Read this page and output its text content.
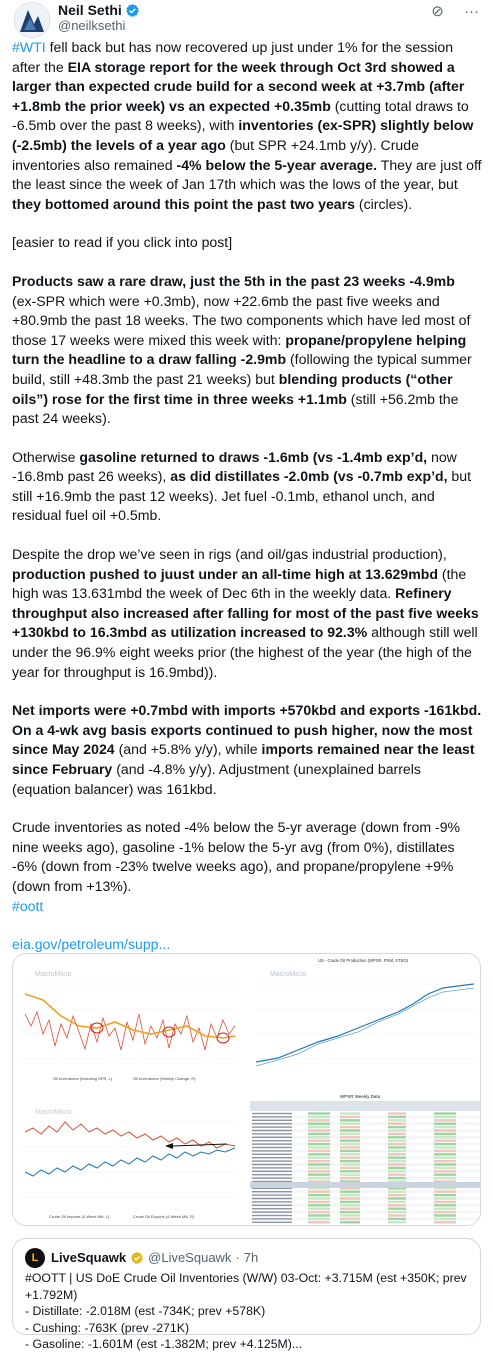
Neil Sethi
@neilksethi
⊘ ···
#WTI fell back but has now recovered up just under 1% for the session after the EIA storage report for the week through Oct 3rd showed a larger than expected crude build for a second week at +3.7mb (after +1.8mb the prior week) vs an expected +0.35mb (cutting total draws to -6.5mb over the past 8 weeks), with inventories (ex-SPR) slightly below (-2.5mb) the levels of a year ago (but SPR +24.1mb y/y). Crude inventories also remained -4% below the 5-year average. They are just off the least since the week of Jan 17th which was the lows of the year, but they bottomed around this point the past two years (circles).
[easier to read if you click into post]
Products saw a rare draw, just the 5th in the past 23 weeks -4.9mb (ex-SPR which were +0.3mb), now +22.6mb the past five weeks and +80.9mb the past 18 weeks. The two components which have led most of those 17 weeks were mixed this week with: propane/propylene helping turn the headline to a draw falling -2.9mb (following the typical summer build, still +48.3mb the past 21 weeks) but blending products (“other oils”) rose for the first time in three weeks +1.1mb (still +56.2mb the past 24 weeks).
Otherwise gasoline returned to draws -1.6mb (vs -1.4mb exp’d, now -16.8mb past 26 weeks), as did distillates -2.0mb (vs -0.7mb exp’d, but still +16.9mb the past 12 weeks). Jet fuel -0.1mb, ethanol unch, and residual fuel oil +0.5mb.
Despite the drop we’ve seen in rigs (and oil/gas industrial production), production pushed to juust under an all-time high at 13.629mbd (the high was 13.631mbd the week of Dec 6th in the weekly data. Refinery throughput also increased after falling for most of the past five weeks +130kbd to 16.3mbd as utilization increased to 92.3% although still well under the 96.9% eight weeks prior (the highest of the year (the high of the year for throughput is 16.9mbd)).
Net imports were +0.7mbd with imports +570kbd and exports -161kbd. On a 4-wk avg basis exports continued to push higher, now the most since May 2024 (and +5.8% y/y), while imports remained near the least since February (and -4.8% y/y). Adjustment (unexplained barrels (equation balancer) was 161kbd.
Crude inventories as noted -4% below the 5-yr average (down from -9% nine weeks ago), gasoline -1% below the 5-yr avg (from 0%), distillates -6% (down from -23% twelve weeks ago), and propane/propylene +9% (down from +13%).
#oott
eia.gov/petroleum/supp...
MacroMicro
Oil Inventories (Including SPR, L)	Oil Inventories (Weekly Change, R)
US - Crude Oil Production (WPSR, PSM, STEO)
MacroMicro
MacroMicro
Crude Oil Imports (4-Week MA, L)	Crude Oil Exports (4-Week MA, R)
WPSR Weekly Data
L LiveSquawk @LiveSquawk · 7h
#OOTT | US DoE Crude Oil Inventories (W/W) 03-Oct: +3.715M (est +350K; prev +1.792M)
- Distillate: -2.018M (est -734K; prev +578K)
- Cushing: -763K (prev -271K)
- Gasoline: -1.601M (est -1.382M; prev +4.125M)...
